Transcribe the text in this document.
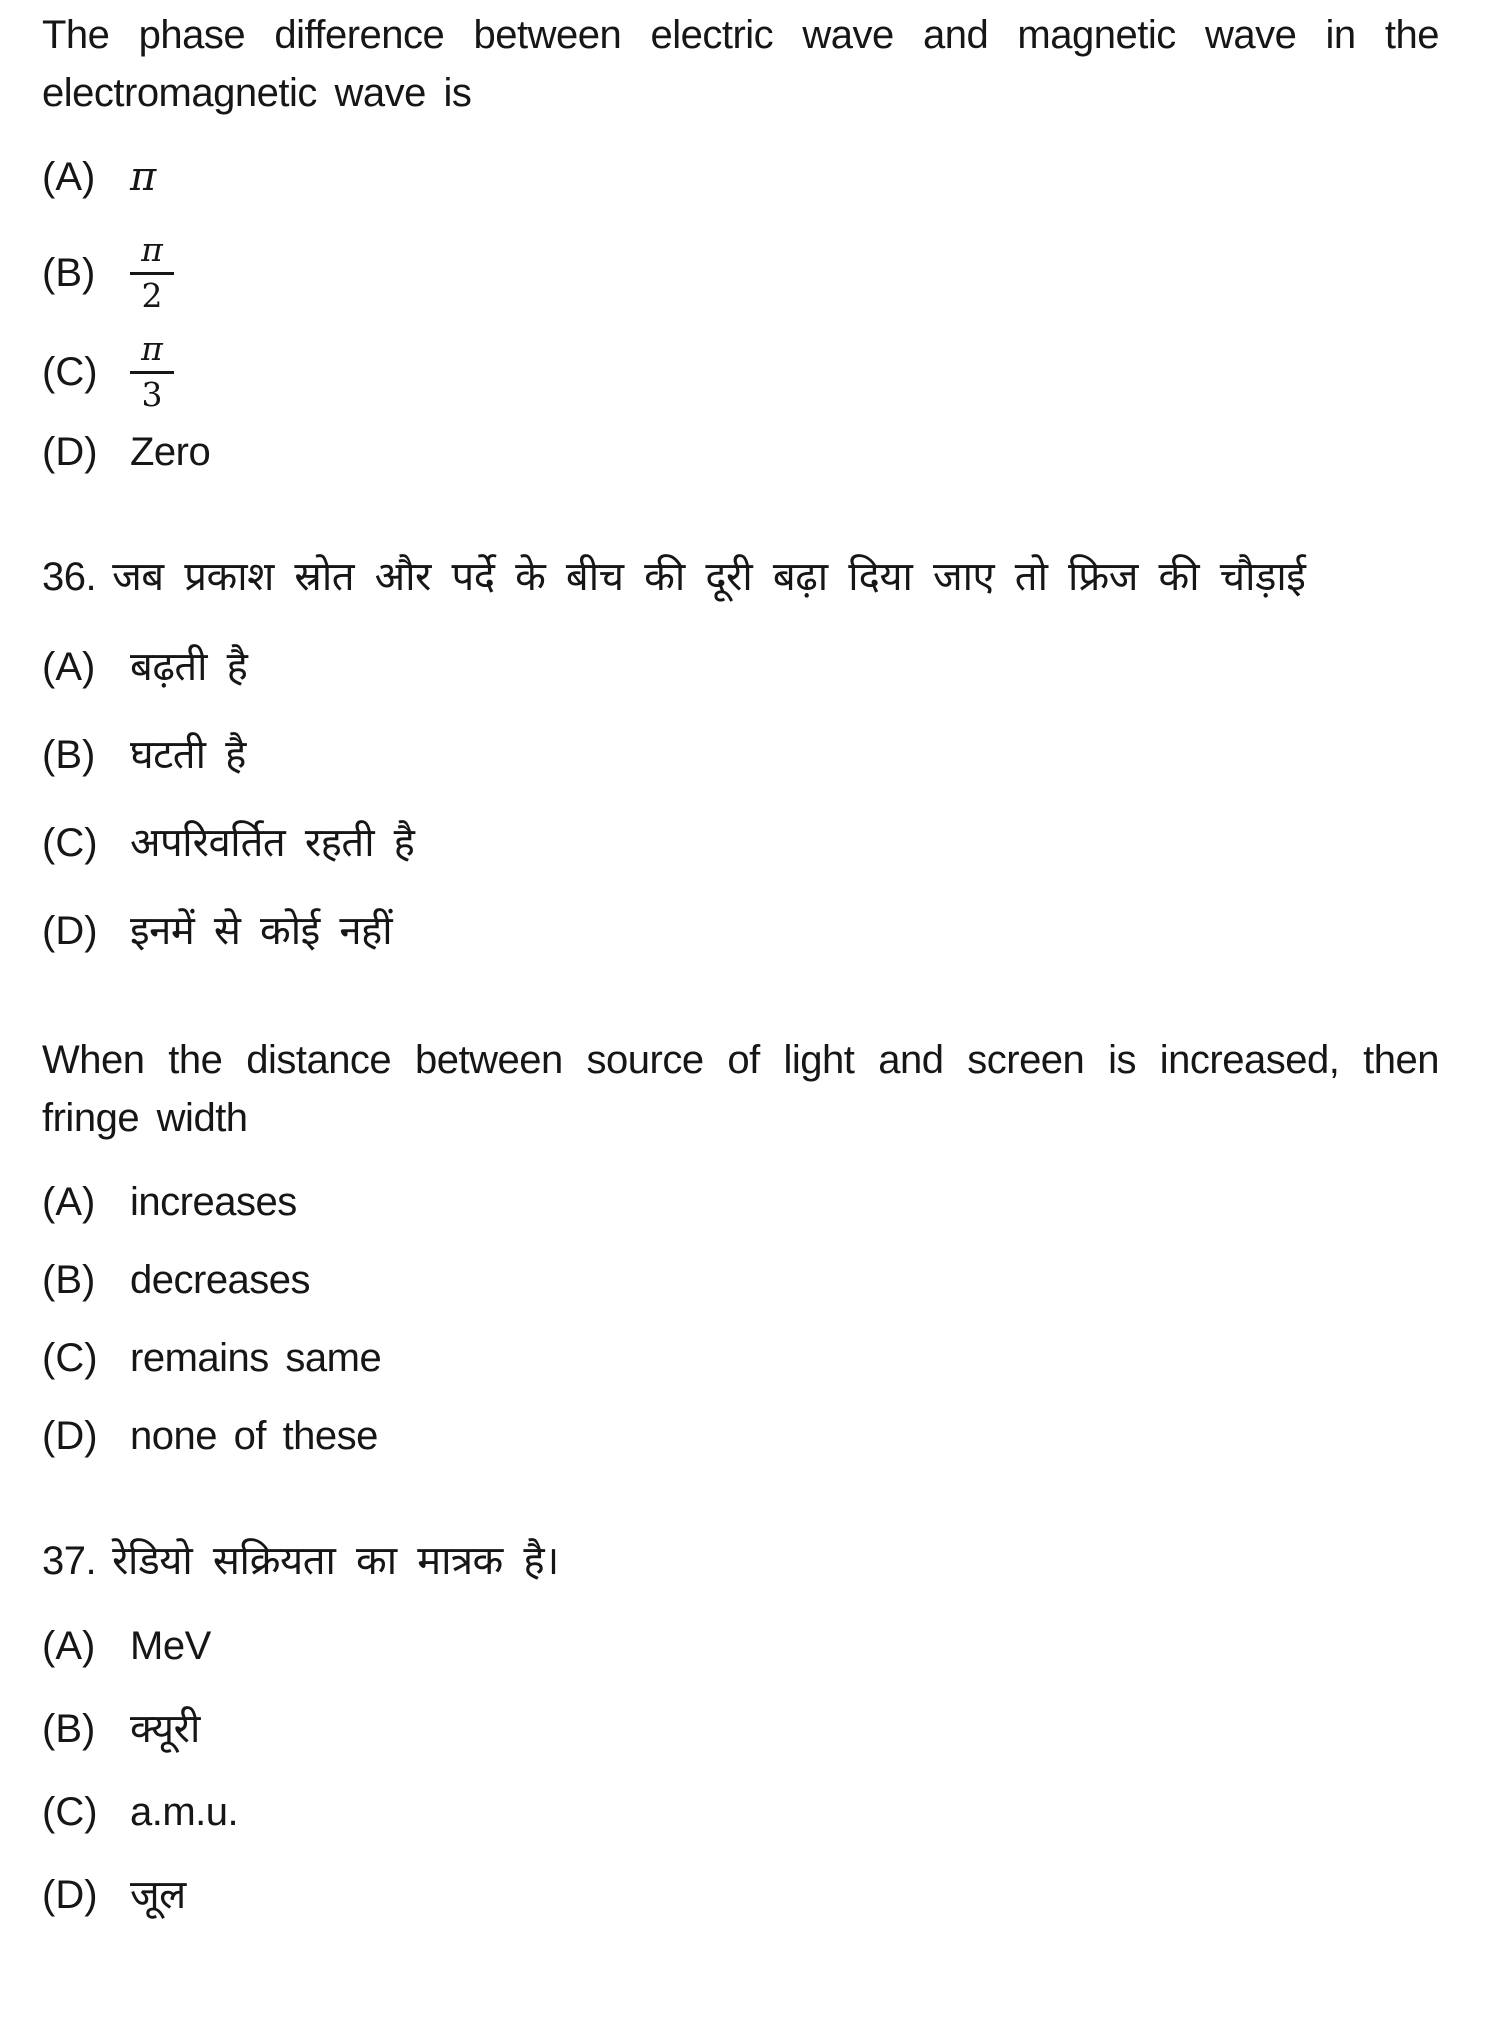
The phase difference between electric wave and magnetic wave in the electromagnetic wave is

(A) π
(B)	$\frac{\pi}{2}$
$(C) \frac{\pi}{3}$
(D) Zero

36. जब प्रकाश स्रोत और पर्दे के बीच की दूरी बढ़ा दिया जाए तो फ्रिज की चौड़ाई

(A) बढ़ती है
(B) घटती है
(C) अपरिवर्तित रहती है
(D) इनमें से कोई नहीं

When the distance between source of light and screen is increased, then fringe width

(A) increases
(B) decreases
(C) remains same
(D) none of these

37. रेडियो सक्रियता का मात्रक है।

(A) MeV
(B) क्यूरी
(C) a.m.u.
(D) जूल
